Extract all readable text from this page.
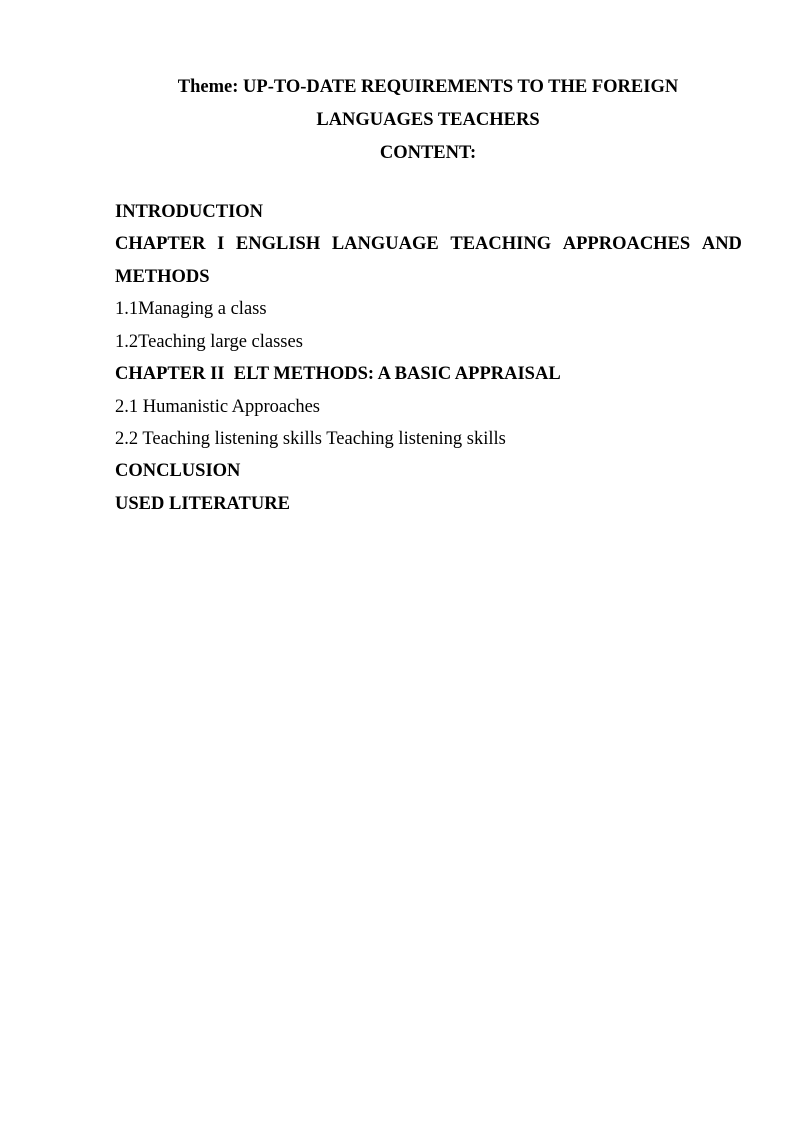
Theme: UP-TO-DATE REQUIREMENTS TO THE FOREIGN
LANGUAGES TEACHERS
CONTENT:
INTRODUCTION
CHAPTER I ENGLISH LANGUAGE TEACHING APPROACHES AND
METHODS
1.1Managing a class
1.2Teaching large classes
CHAPTER II  ELT METHODS: A BASIC APPRAISAL
2.1 Humanistic Approaches
2.2 Teaching listening skills Teaching listening skills
CONCLUSION
USED LITERATURE
